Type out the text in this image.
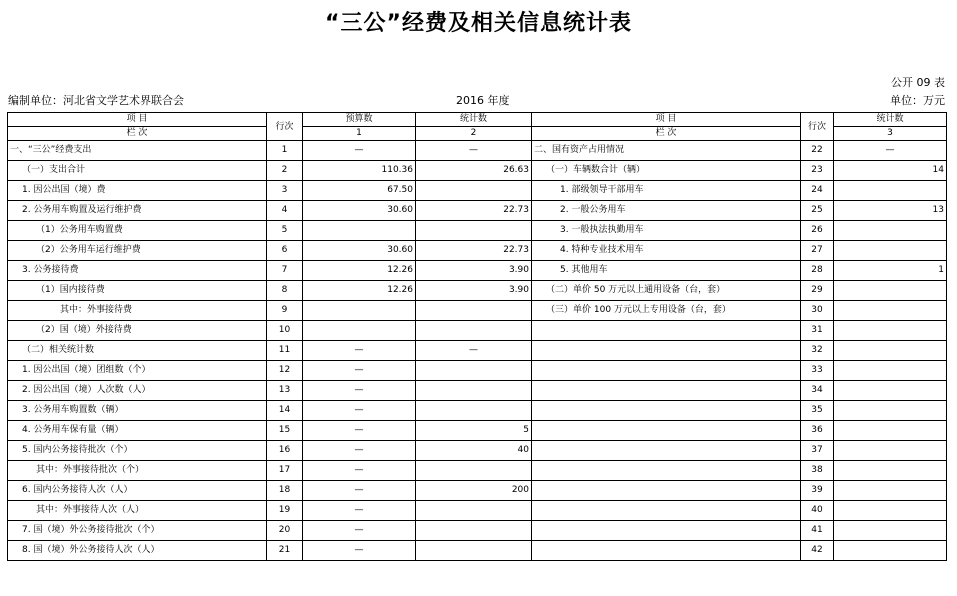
“三公”经费及相关信息统计表
公开 09 表
编制单位：河北省文学艺术界联合会	2016 年度	单位：万元
项 目	行次	预算数	统计数	项 目	行次	统计数
栏 次		1	2	栏 次		3
一、“三公”经费支出	1	—	—	二、国有资产占用情况	22	—
（一）支出合计	2	110.36	26.63	（一）车辆数合计（辆）	23	14
1. 因公出国（境）费	3	67.50		1. 部级领导干部用车	24	
2. 公务用车购置及运行维护费	4	30.60	22.73	2. 一般公务用车	25	13
（1）公务用车购置费	5			3. 一般执法执勤用车	26	
（2）公务用车运行维护费	6	30.60	22.73	4. 特种专业技术用车	27	
3. 公务接待费	7	12.26	3.90	5. 其他用车	28	1
（1）国内接待费	8	12.26	3.90	（二）单价 50 万元以上通用设备（台，套）	29	
其中：外事接待费	9			（三）单价 100 万元以上专用设备（台，套）	30	
（2）国（境）外接待费	10				31	
（二）相关统计数	11	—	—		32	
1. 因公出国（境）团组数（个）	12	—			33	
2. 因公出国（境）人次数（人）	13	—			34	
3. 公务用车购置数（辆）	14	—			35	
4. 公务用车保有量（辆）	15	—	5		36	
5. 国内公务接待批次（个）	16	—	40		37	
其中：外事接待批次（个）	17	—			38	
6. 国内公务接待人次（人）	18	—	200		39	
其中：外事接待人次（人）	19	—			40	
7. 国（境）外公务接待批次（个）	20	—			41	
8. 国（境）外公务接待人次（人）	21	—			42	
